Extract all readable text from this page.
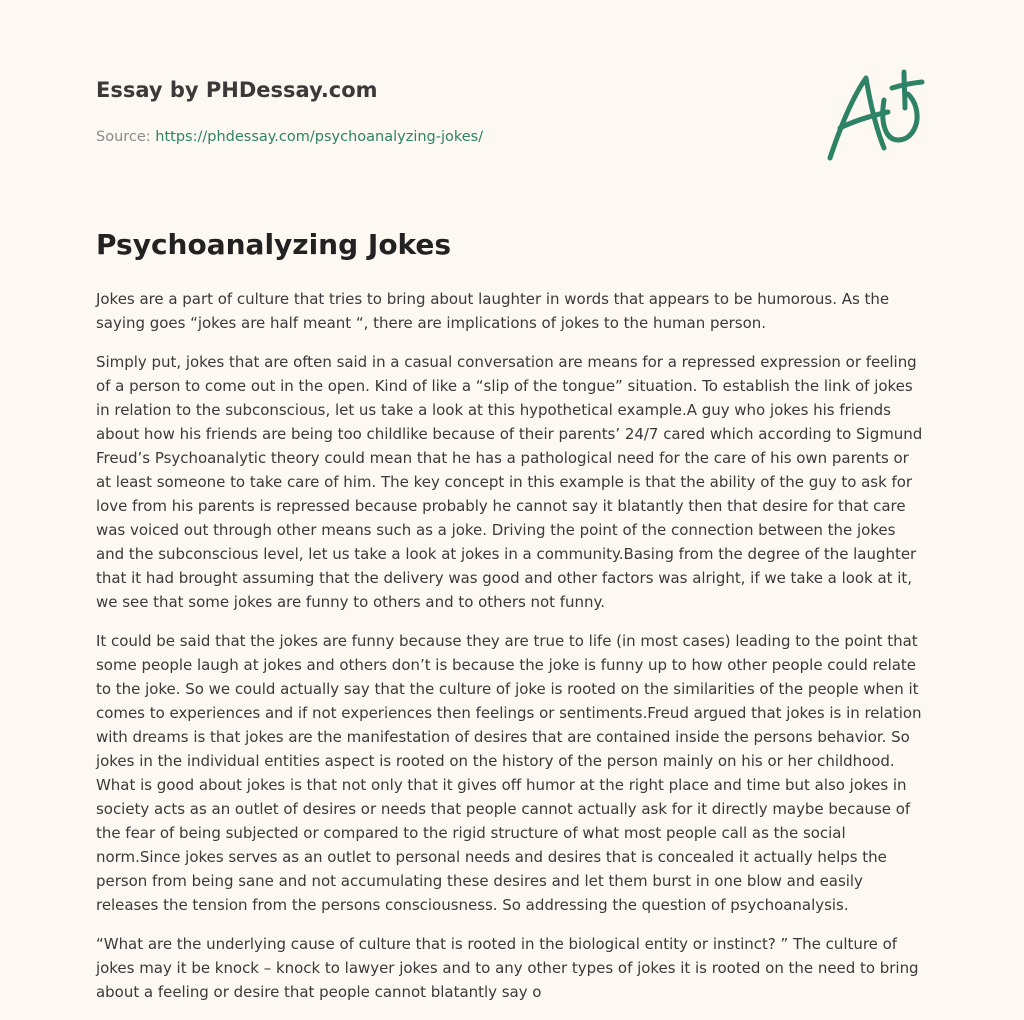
Essay by PHDessay.com
Source: https://phdessay.com/psychoanalyzing-jokes/
Psychoanalyzing Jokes

Jokes are a part of culture that tries to bring about laughter in words that appears to be humorous. As the saying goes “jokes are half meant “, there are implications of jokes to the human person.

Simply put, jokes that are often said in a casual conversation are means for a repressed expression or feeling of a person to come out in the open. Kind of like a “slip of the tongue” situation. To establish the link of jokes in relation to the subconscious, let us take a look at this hypothetical example.A guy who jokes his friends about how his friends are being too childlike because of their parents’ 24/7 cared which according to Sigmund Freud’s Psychoanalytic theory could mean that he has a pathological need for the care of his own parents or at least someone to take care of him. The key concept in this example is that the ability of the guy to ask for love from his parents is repressed because probably he cannot say it blatantly then that desire for that care was voiced out through other means such as a joke. Driving the point of the connection between the jokes and the subconscious level, let us take a look at jokes in a community.Basing from the degree of the laughter that it had brought assuming that the delivery was good and other factors was alright, if we take a look at it, we see that some jokes are funny to others and to others not funny.

It could be said that the jokes are funny because they are true to life (in most cases) leading to the point that some people laugh at jokes and others don’t is because the joke is funny up to how other people could relate to the joke. So we could actually say that the culture of joke is rooted on the similarities of the people when it comes to experiences and if not experiences then feelings or sentiments.Freud argued that jokes is in relation with dreams is that jokes are the manifestation of desires that are contained inside the persons behavior. So jokes in the individual entities aspect is rooted on the history of the person mainly on his or her childhood. What is good about jokes is that not only that it gives off humor at the right place and time but also jokes in society acts as an outlet of desires or needs that people cannot actually ask for it directly maybe because of the fear of being subjected or compared to the rigid structure of what most people call as the social norm.Since jokes serves as an outlet to personal needs and desires that is concealed it actually helps the person from being sane and not accumulating these desires and let them burst in one blow and easily releases the tension from the persons consciousness. So addressing the question of psychoanalysis.

“What are the underlying cause of culture that is rooted in the biological entity or instinct? ” The culture of jokes may it be knock – knock to lawyer jokes and to any other types of jokes it is rooted on the need to bring about a feeling or desire that people cannot blatantly say o
